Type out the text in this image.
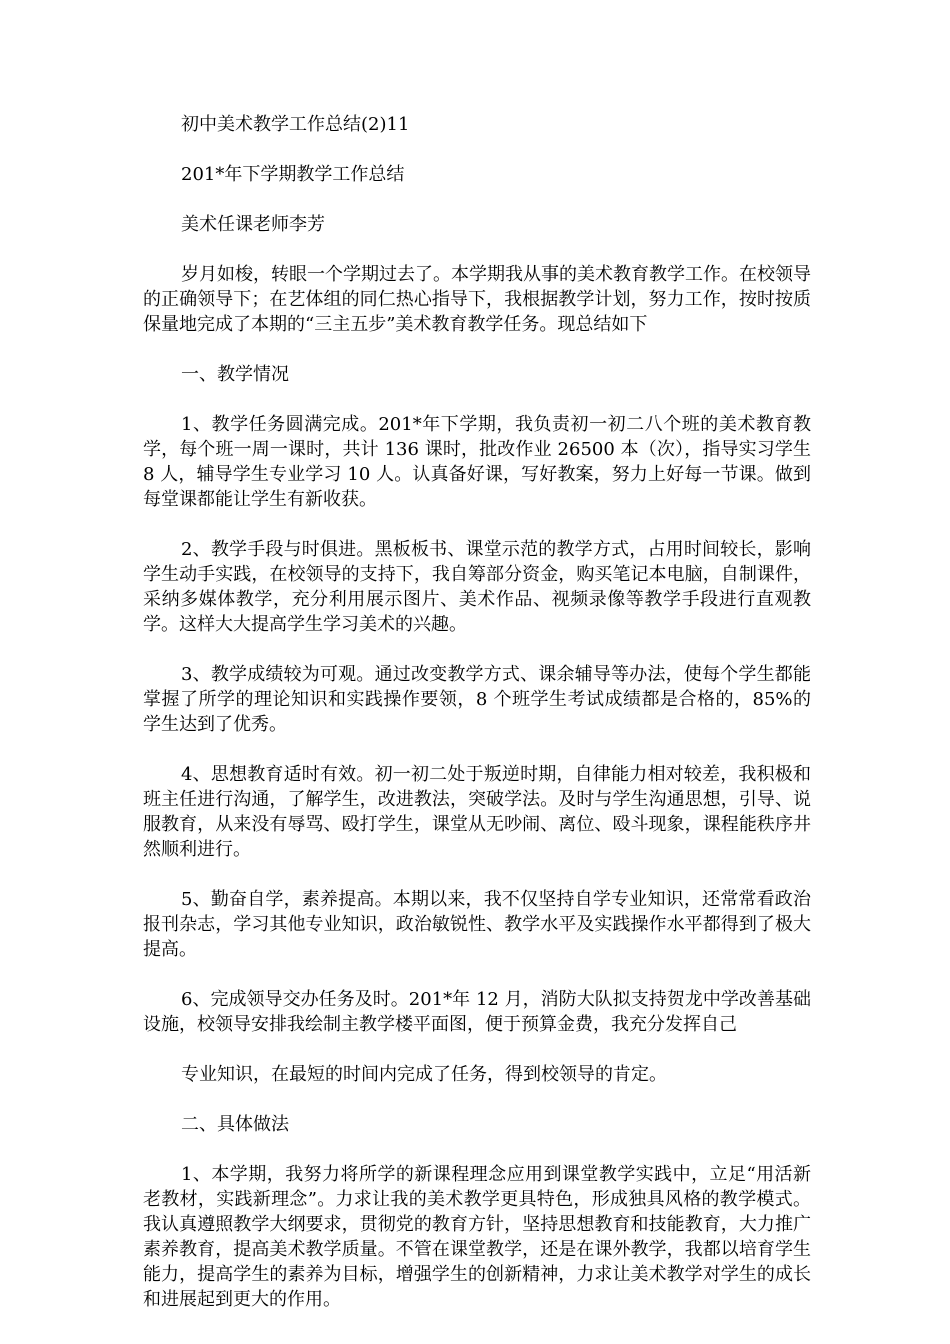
初中美术教学工作总结(2)11

201*年下学期教学工作总结

美术任课老师李芳

岁月如梭，转眼一个学期过去了。本学期我从事的美术教育教学工作。在校领导的正确领导下；在艺体组的同仁热心指导下，我根据教学计划，努力工作，按时按质保量地完成了本期的“三主五步”美术教育教学任务。现总结如下

一、教学情况

1、教学任务圆满完成。201*年下学期，我负责初一初二八个班的美术教育教学，每个班一周一课时，共计 136 课时，批改作业 26500 本（次），指导实习学生 8 人，辅导学生专业学习 10 人。认真备好课，写好教案，努力上好每一节课。做到每堂课都能让学生有新收获。

2、教学手段与时俱进。黑板板书、课堂示范的教学方式，占用时间较长，影响学生动手实践，在校领导的支持下，我自筹部分资金，购买笔记本电脑，自制课件，采纳多媒体教学，充分利用展示图片、美术作品、视频录像等教学手段进行直观教学。这样大大提高学生学习美术的兴趣。

3、教学成绩较为可观。通过改变教学方式、课余辅导等办法，使每个学生都能掌握了所学的理论知识和实践操作要领，8 个班学生考试成绩都是合格的，85%的学生达到了优秀。

4、思想教育适时有效。初一初二处于叛逆时期，自律能力相对较差，我积极和班主任进行沟通，了解学生，改进教法，突破学法。及时与学生沟通思想，引导、说服教育，从来没有辱骂、殴打学生，课堂从无吵闹、离位、殴斗现象，课程能秩序井然顺利进行。

5、勤奋自学，素养提高。本期以来，我不仅坚持自学专业知识，还常常看政治报刊杂志，学习其他专业知识，政治敏锐性、教学水平及实践操作水平都得到了极大提高。

6、完成领导交办任务及时。201*年 12 月，消防大队拟支持贺龙中学改善基础设施，校领导安排我绘制主教学楼平面图，便于预算金费，我充分发挥自己

专业知识，在最短的时间内完成了任务，得到校领导的肯定。

二、具体做法

1、本学期，我努力将所学的新课程理念应用到课堂教学实践中，立足“用活新老教材，实践新理念”。力求让我的美术教学更具特色，形成独具风格的教学模式。我认真遵照教学大纲要求，贯彻党的教育方针，坚持思想教育和技能教育，大力推广素养教育，提高美术教学质量。不管在课堂教学，还是在课外教学，我都以培育学生能力，提高学生的素养为目标，增强学生的创新精神，力求让美术教学对学生的成长和进展起到更大的作用。
